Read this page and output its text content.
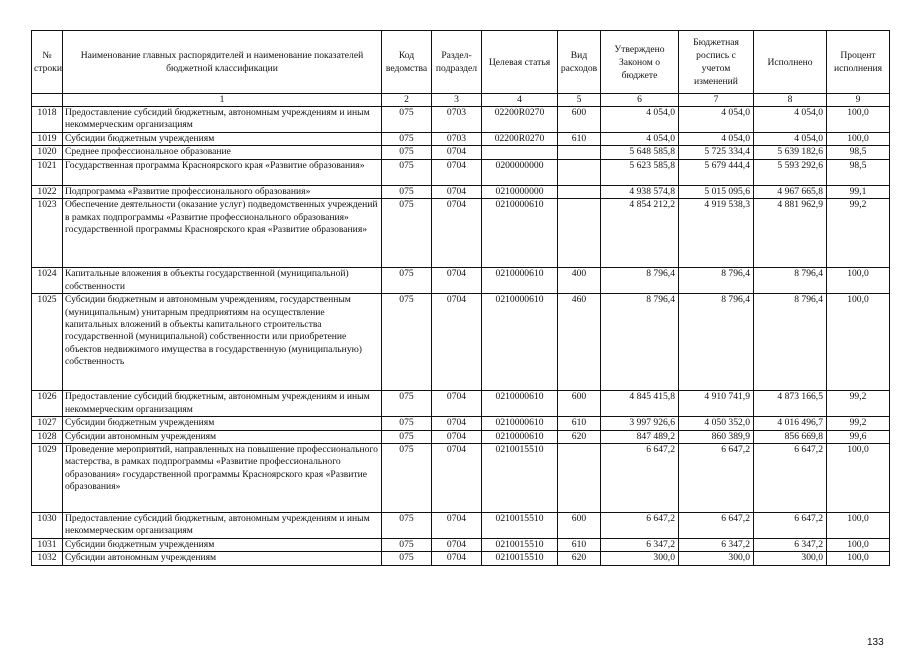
№ строки	Наименование главных распорядителей и наименование показателей бюджетной классификации	Код ведомства	Раздел-подраздел	Целевая статья	Вид расходов	Утверждено Законом о бюджете	Бюджетная роспись с учетом изменений	Исполнено	Процент исполнения
	1	2	3	4	5	6	7	8	9
1018	Предоставление субсидий бюджетным, автономным учреждениям и иным некоммерческим организациям	075	0703	02200R0270	600	4 054,0	4 054,0	4 054,0	100,0
1019	Субсидии бюджетным учреждениям	075	0703	02200R0270	610	4 054,0	4 054,0	4 054,0	100,0
1020	Среднее профессиональное образование	075	0704			5 648 585,8	5 725 334,4	5 639 182,6	98,5
1021	Государственная программа Красноярского края «Развитие образования»	075	0704	0200000000		5 623 585,8	5 679 444,4	5 593 292,6	98,5
1022	Подпрограмма «Развитие профессионального образования»	075	0704	0210000000		4 938 574,8	5 015 095,6	4 967 665,8	99,1
1023	Обеспечение деятельности (оказание услуг) подведомственных учреждений в рамках подпрограммы «Развитие профессионального образования» государственной программы Красноярского края «Развитие образования»	075	0704	0210000610		4 854 212,2	4 919 538,3	4 881 962,9	99,2
1024	Капитальные вложения в объекты государственной (муниципальной) собственности	075	0704	0210000610	400	8 796,4	8 796,4	8 796,4	100,0
1025	Субсидии бюджетным и автономным учреждениям, государственным (муниципальным) унитарным предприятиям на осуществление капитальных вложений в объекты капитального строительства государственной (муниципальной) собственности или приобретение объектов недвижимого имущества в государственную (муниципальную) собственность	075	0704	0210000610	460	8 796,4	8 796,4	8 796,4	100,0
1026	Предоставление субсидий бюджетным, автономным учреждениям и иным некоммерческим организациям	075	0704	0210000610	600	4 845 415,8	4 910 741,9	4 873 166,5	99,2
1027	Субсидии бюджетным учреждениям	075	0704	0210000610	610	3 997 926,6	4 050 352,0	4 016 496,7	99,2
1028	Субсидии автономным учреждениям	075	0704	0210000610	620	847 489,2	860 389,9	856 669,8	99,6
1029	Проведение мероприятий, направленных на повышение профессионального мастерства, в рамках подпрограммы «Развитие профессионального образования» государственной программы Красноярского края «Развитие образования»	075	0704	0210015510		6 647,2	6 647,2	6 647,2	100,0
1030	Предоставление субсидий бюджетным, автономным учреждениям и иным некоммерческим организациям	075	0704	0210015510	600	6 647,2	6 647,2	6 647,2	100,0
1031	Субсидии бюджетным учреждениям	075	0704	0210015510	610	6 347,2	6 347,2	6 347,2	100,0
1032	Субсидии автономным учреждениям	075	0704	0210015510	620	300,0	300,0	300,0	100,0
133
